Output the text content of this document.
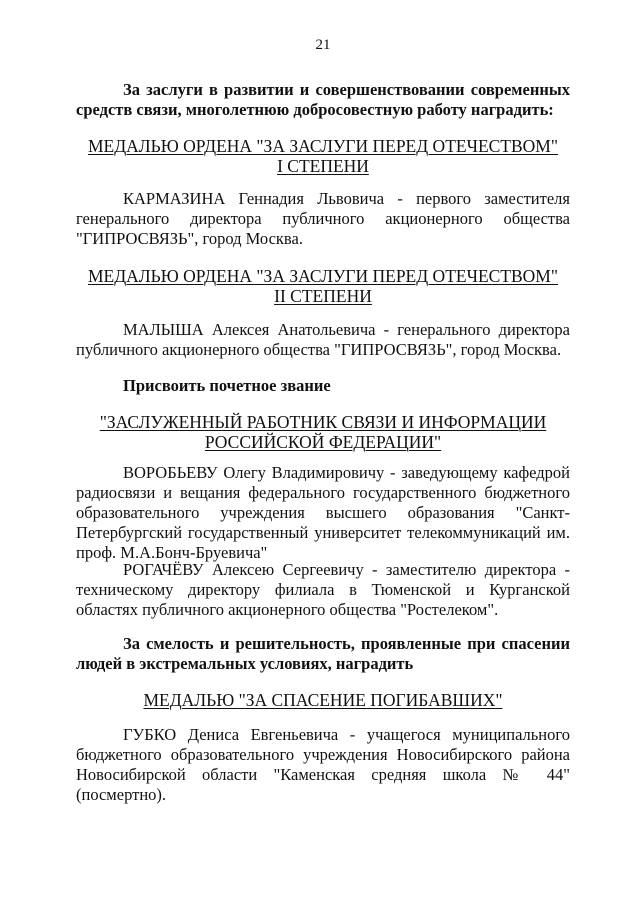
21
За заслуги в развитии и совершенствовании современных средств связи, многолетнюю добросовестную работу наградить:
МЕДАЛЬЮ ОРДЕНА "ЗА ЗАСЛУГИ ПЕРЕД ОТЕЧЕСТВОМ"
I СТЕПЕНИ
КАРМАЗИНА Геннадия Львовича - первого заместителя генерального директора публичного акционерного общества "ГИПРОСВЯЗЬ", город Москва.
МЕДАЛЬЮ ОРДЕНА "ЗА ЗАСЛУГИ ПЕРЕД ОТЕЧЕСТВОМ"
II СТЕПЕНИ
МАЛЫША Алексея Анатольевича - генерального директора публичного акционерного общества "ГИПРОСВЯЗЬ", город Москва.
Присвоить почетное звание
"ЗАСЛУЖЕННЫЙ РАБОТНИК СВЯЗИ И ИНФОРМАЦИИ
РОССИЙСКОЙ ФЕДЕРАЦИИ"
ВОРОБЬЕВУ Олегу Владимировичу - заведующему кафедрой радиосвязи и вещания федерального государственного бюджетного образовательного учреждения высшего образования "Санкт-Петербургский государственный университет телекоммуникаций им. проф. М.А.Бонч-Бруевича"
РОГАЧЁВУ Алексею Сергеевичу - заместителю директора - техническому директору филиала в Тюменской и Курганской областях публичного акционерного общества "Ростелеком".
За смелость и решительность, проявленные при спасении людей в экстремальных условиях, наградить
МЕДАЛЬЮ "ЗА СПАСЕНИЕ ПОГИБАВШИХ"
ГУБКО Дениса Евгеньевича - учащегося муниципального бюджетного образовательного учреждения Новосибирского района Новосибирской области "Каменская средняя школа № 44" (посмертно).
